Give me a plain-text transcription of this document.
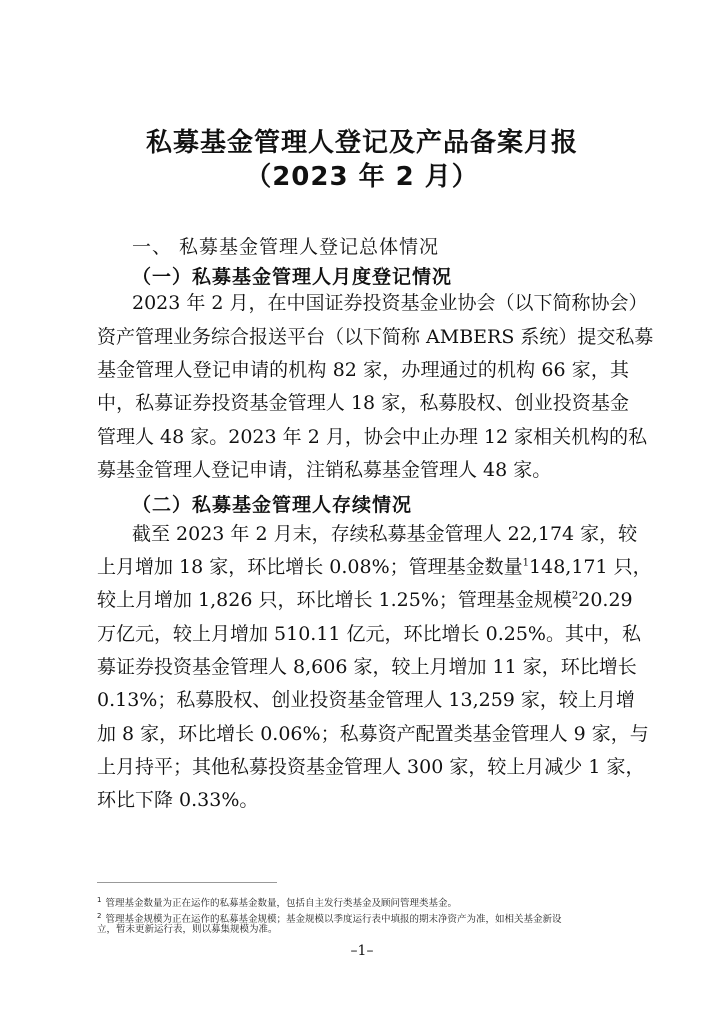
私募基金管理人登记及产品备案月报
（2023 年 2 月）
一、 私募基金管理人登记总体情况
（一）私募基金管理人月度登记情况
2023 年 2 月，在中国证券投资基金业协会（以下简称协会）
资产管理业务综合报送平台（以下简称 AMBERS 系统）提交私募
基金管理人登记申请的机构 82 家，办理通过的机构 66 家，其
中，私募证券投资基金管理人 18 家，私募股权、创业投资基金
管理人 48 家。2023 年 2 月，协会中止办理 12 家相关机构的私
募基金管理人登记申请，注销私募基金管理人 48 家。
（二）私募基金管理人存续情况
截至 2023 年 2 月末，存续私募基金管理人 22,174 家，较
上月增加 18 家，环比增长 0.08%；管理基金数量$^1$148,171 只，
较上月增加 1,826 只，环比增长 1.25%；管理基金规模$^2$20.29
万亿元，较上月增加 510.11 亿元，环比增长 0.25%。其中，私
募证券投资基金管理人 8,606 家，较上月增加 11 家，环比增长
0.13%；私募股权、创业投资基金管理人 13,259 家，较上月增
加 8 家，环比增长 0.06%；私募资产配置类基金管理人 9 家，与
上月持平；其他私募投资基金管理人 300 家，较上月减少 1 家，
环比下降 0.33%。
$^1$ 管理基金数量为正在运作的私募基金数量，包括自主发行类基金及顾问管理类基金。
$^2$ 管理基金规模为正在运作的私募基金规模；基金规模以季度运行表中填报的期末净资产为准，如相关基金新设
立，暂未更新运行表，则以募集规模为准。
–1–
